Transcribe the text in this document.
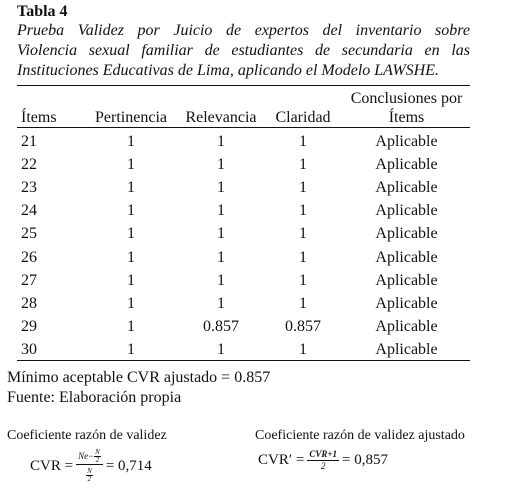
Tabla 4
Prueba Validez por Juicio de expertos del inventario sobre
Violencia sexual familiar de estudiantes de secundaria en las
Instituciones Educativas de Lima, aplicando el Modelo LAWSHE.
Ítems	Pertinencia	Relevancia	Claridad	Conclusiones por Ítems
21	1	1	1	Aplicable
22	1	1	1	Aplicable
23	1	1	1	Aplicable
24	1	1	1	Aplicable
25	1	1	1	Aplicable
26	1	1	1	Aplicable
27	1	1	1	Aplicable
28	1	1	1	Aplicable
29	1	0.857	0.857	Aplicable
30	1	1	1	Aplicable
Mínimo aceptable CVR ajustado = 0.857
Fuente: Elaboración propia
Coeficiente razón de validez	Coeficiente razón de validez ajustado
CVR = $\frac{Ne- \frac{N}{2}}{\frac{N}{2}} = 0,714$	$CVR' = \frac{\text{CVR+1}}{2} = 0,857$
